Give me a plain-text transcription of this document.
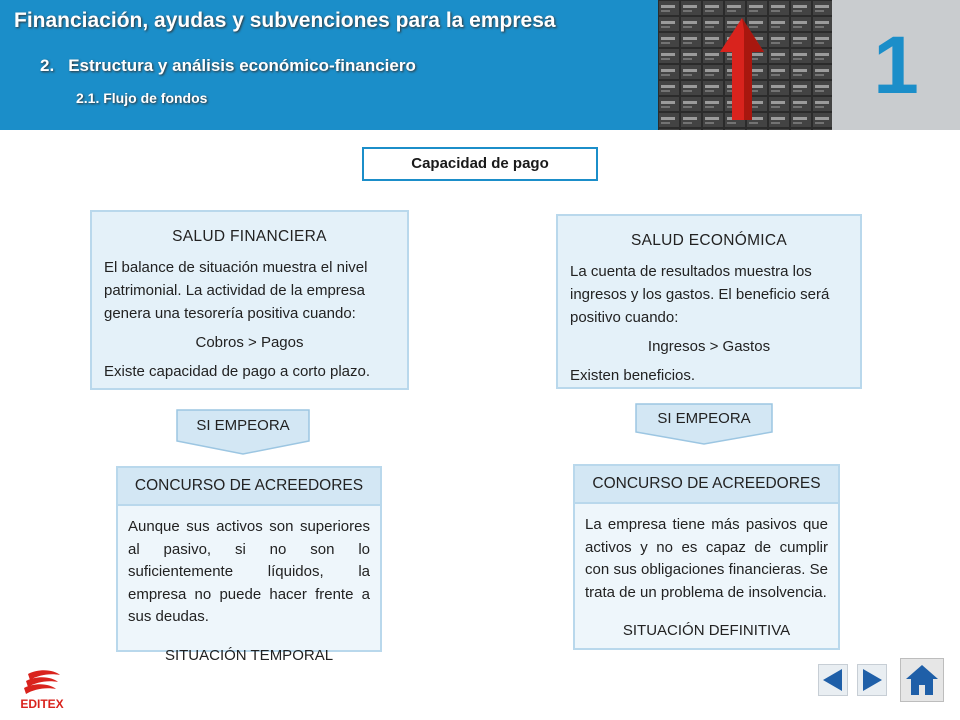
Financiación, ayudas y subvenciones para la empresa
2. Estructura y análisis económico-financiero
2.1. Flujo de fondos	1
Capacidad de pago
SALUD FINANCIERA
El balance de situación muestra el nivel patrimonial. La actividad de la empresa genera una tesorería positiva cuando:
Cobros > Pagos
Existe capacidad de pago a corto plazo.
SI EMPEORA
CONCURSO DE ACREEDORES
Aunque sus activos son superiores al pasivo, si no son lo suficientemente líquidos, la empresa no puede hacer frente a sus deudas.
SITUACIÓN TEMPORAL
SALUD ECONÓMICA
La cuenta de resultados muestra los ingresos y los gastos. El beneficio será positivo cuando:
Ingresos > Gastos
Existen beneficios.
SI EMPEORA
CONCURSO DE ACREEDORES
La empresa tiene más pasivos que activos y no es capaz de cumplir con sus obligaciones financieras. Se trata de un problema de insolvencia.
SITUACIÓN DEFINITIVA
EDITEX
